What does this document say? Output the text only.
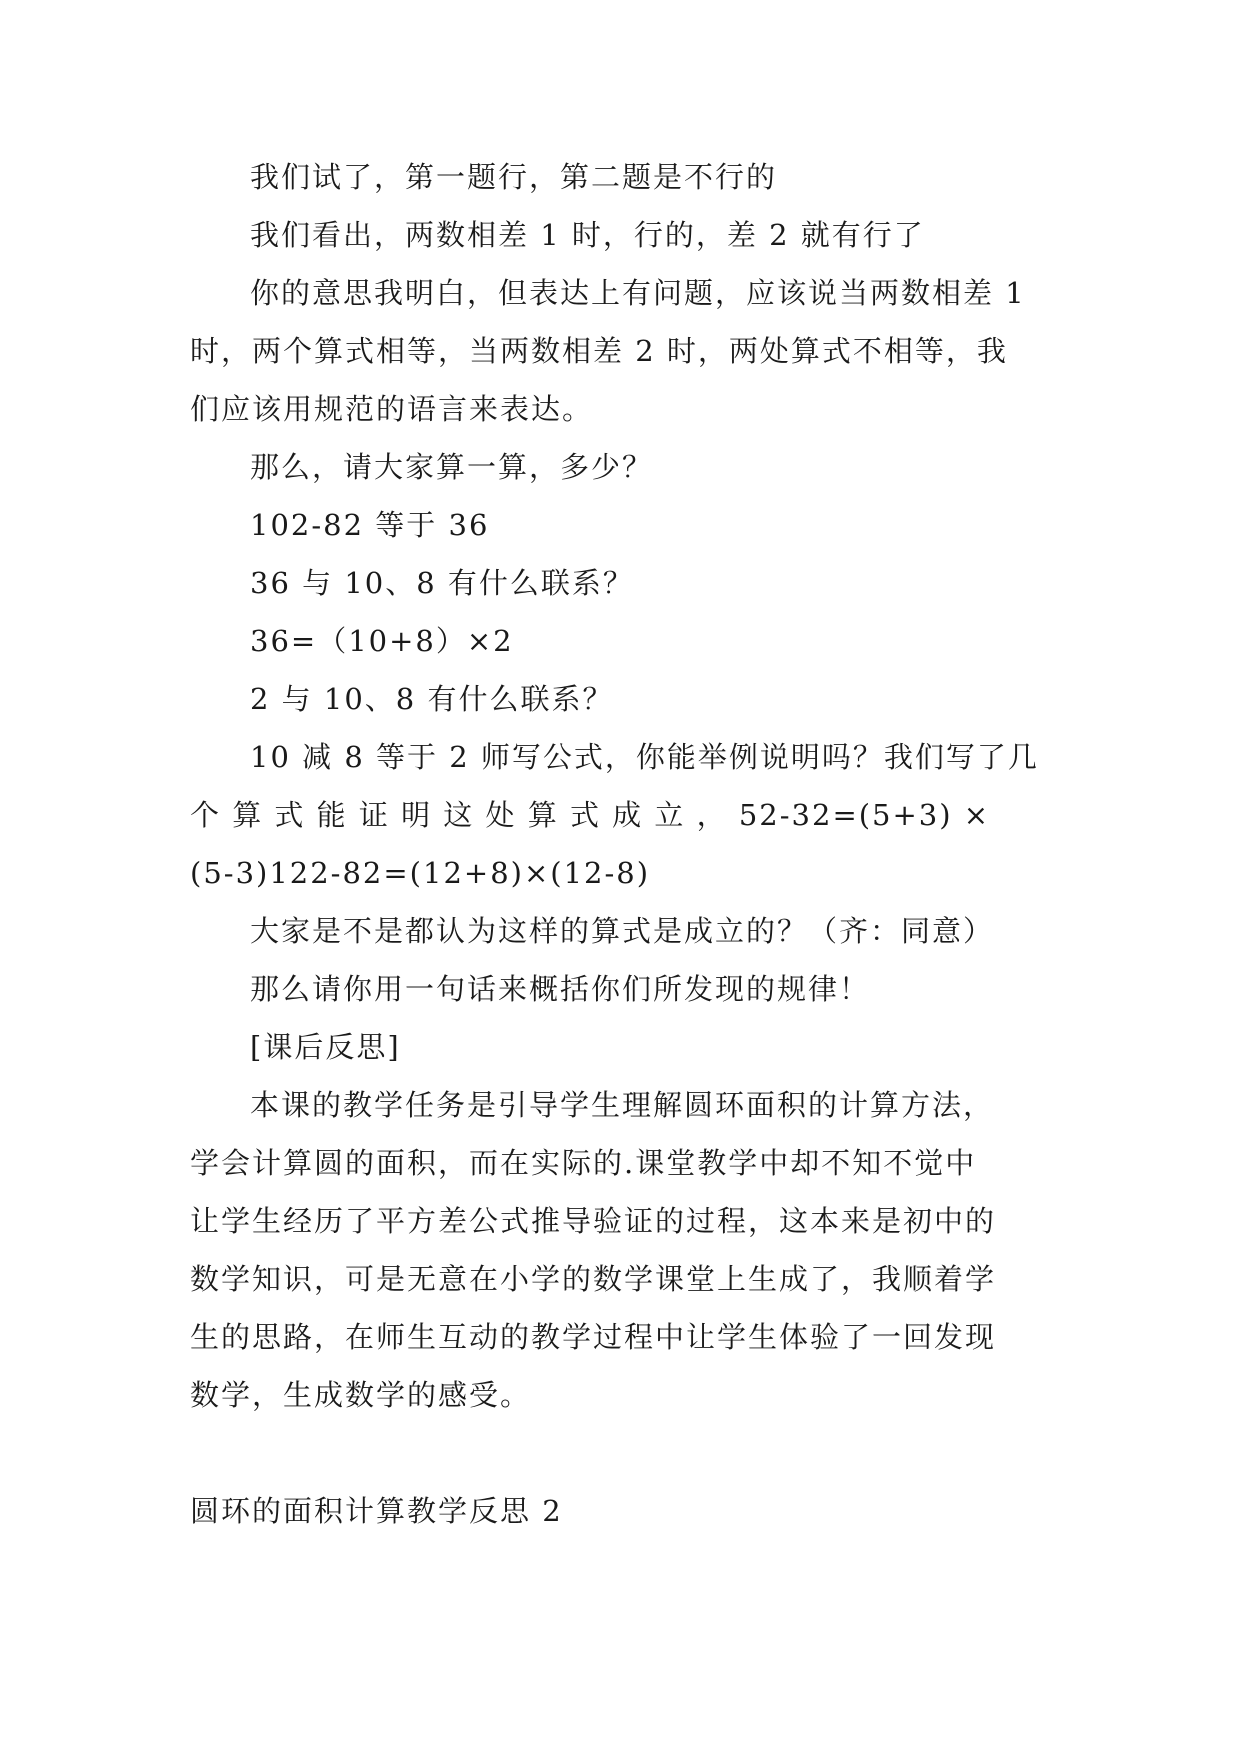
我们试了，第一题行，第二题是不行的
我们看出，两数相差 1 时，行的，差 2 就有行了
你的意思我明白，但表达上有问题，应该说当两数相差 1
时，两个算式相等，当两数相差 2 时，两处算式不相等，我
们应该用规范的语言来表达。
那么，请大家算一算，多少？
102-82 等于 36
36 与 10、8 有什么联系？
36=（10+8）×2
2 与 10、8 有什么联系？
10 减 8 等于 2 师写公式，你能举例说明吗？我们写了几
个 算 式 能 证 明 这 处 算 式 成 立 ， 52-32=(5+3) ×
(5-3)122-82=(12+8)×(12-8)
大家是不是都认为这样的算式是成立的？（齐：同意）
那么请你用一句话来概括你们所发现的规律！
[课后反思]
本课的教学任务是引导学生理解圆环面积的计算方法，
学会计算圆的面积，而在实际的.课堂教学中却不知不觉中
让学生经历了平方差公式推导验证的过程，这本来是初中的
数学知识，可是无意在小学的数学课堂上生成了，我顺着学
生的思路，在师生互动的教学过程中让学生体验了一回发现
数学，生成数学的感受。
圆环的面积计算教学反思 2
